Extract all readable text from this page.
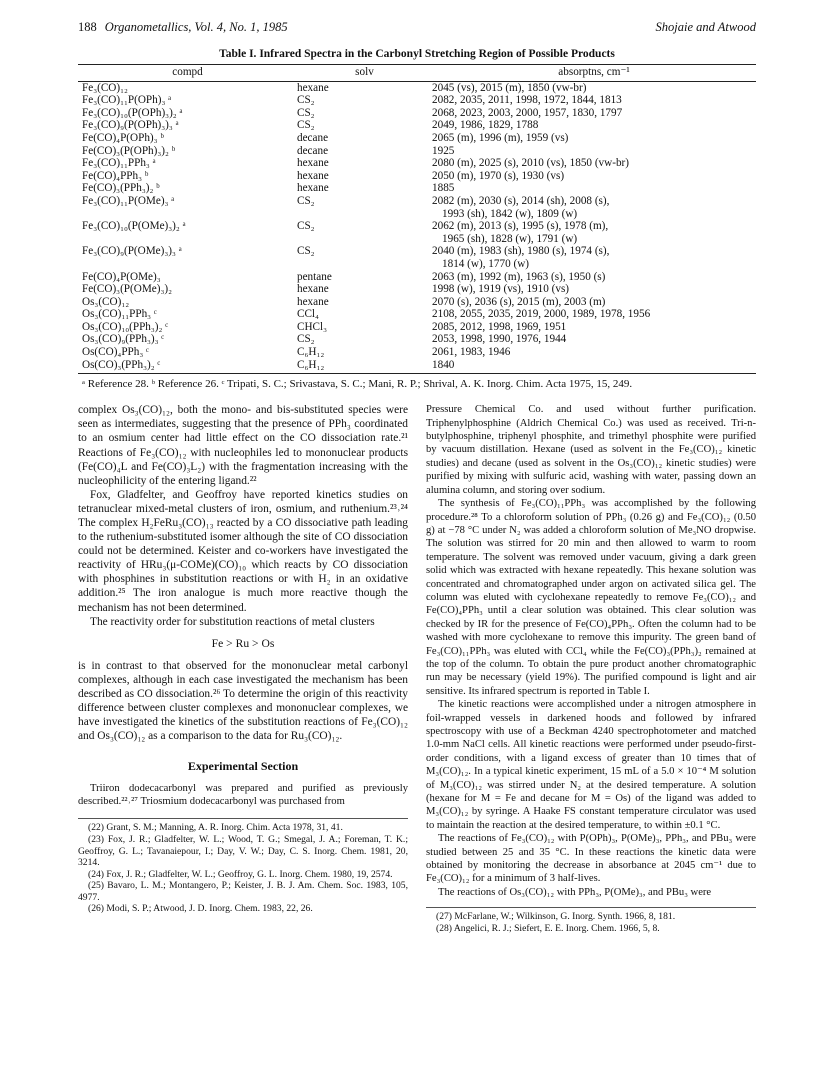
188 Organometallics, Vol. 4, No. 1, 1985	Shojaie and Atwood
Table I. Infrared Spectra in the Carbonyl Stretching Region of Possible Products
compd	solv	absorptns, cm⁻¹
Fe₃(CO)₁₂	hexane	2045 (vs), 2015 (m), 1850 (vw-br)

Fe₃(CO)₁₁P(OPh)₃ ᵃ	CS₂	2082, 2035, 2011, 1998, 1972, 1844, 1813

Fe₃(CO)₁₀(P(OPh)₃)₂ ᵃ	CS₂	2068, 2023, 2003, 2000, 1957, 1830, 1797

Fe₃(CO)₉(P(OPh)₃)₃ ᵃ	CS₂	2049, 1986, 1829, 1788

Fe(CO)₄P(OPh)₃ ᵇ	decane	2065 (m), 1996 (m), 1959 (vs)

Fe(CO)₃(P(OPh)₃)₂ ᵇ	decane	1925

Fe₃(CO)₁₁PPh₃ ᵃ	hexane	2080 (m), 2025 (s), 2010 (vs), 1850 (vw-br)

Fe(CO)₄PPh₃ ᵇ	hexane	2050 (m), 1970 (s), 1930 (vs)

Fe(CO)₃(PPh₃)₂ ᵇ	hexane	1885

Fe₃(CO)₁₁P(OMe)₃ ᵃ	CS₂	2082 (m), 2030 (s), 2014 (sh), 2008 (s),
1993 (sh), 1842 (w), 1809 (w)

Fe₃(CO)₁₀(P(OMe)₃)₂ ᵃ	CS₂	2062 (m), 2013 (s), 1995 (s), 1978 (m),
1965 (sh), 1828 (w), 1791 (w)

Fe₃(CO)₉(P(OMe)₃)₃ ᵃ	CS₂	2040 (m), 1983 (sh), 1980 (s), 1974 (s),
1814 (w), 1770 (w)

Fe(CO)₄P(OMe)₃	pentane	2063 (m), 1992 (m), 1963 (s), 1950 (s)

Fe(CO)₃(P(OMe)₃)₂	hexane	1998 (w), 1919 (vs), 1910 (vs)

Os₃(CO)₁₂	hexane	2070 (s), 2036 (s), 2015 (m), 2003 (m)

Os₃(CO)₁₁PPh₃ ᶜ	CCl₄	2108, 2055, 2035, 2019, 2000, 1989, 1978, 1956

Os₃(CO)₁₀(PPh₃)₂ ᶜ	CHCl₃	2085, 2012, 1998, 1969, 1951

Os₃(CO)₉(PPh₃)₃ ᶜ	CS₂	2053, 1998, 1990, 1976, 1944

Os(CO)₄PPh₃ ᶜ	C₆H₁₂	2061, 1983, 1946

Os(CO)₃(PPh₃)₂ ᶜ	C₆H₁₂	1840
ᵃ Reference 28. ᵇ Reference 26. ᶜ Tripati, S. C.; Srivastava, S. C.; Mani, R. P.; Shrival, A. K. Inorg. Chim. Acta 1975, 15, 249.

complex Os₃(CO)₁₂, both the mono- and bis-substituted species were seen as intermediates, suggesting that the presence of PPh₃ coordinated to an osmium center had little effect on the CO dissociation rate.²¹ Reactions of Fe₃(CO)₁₂ with nucleophiles led to mononuclear products (Fe(CO)₄L and Fe(CO)₃L₂) with the fragmentation increasing with the nucleophilicity of the entering ligand.²²

Fox, Gladfelter, and Geoffroy have reported kinetics studies on tetranuclear mixed-metal clusters of iron, osmium, and ruthenium.²³˒²⁴ The complex H₂FeRu₃(CO)₁₃ reacted by a CO dissociative path leading to the ruthenium-substituted isomer although the site of CO dissociation could not be determined. Keister and co-workers have investigated the reactivity of HRu₃(μ-COMe)(CO)₁₀ which reacts by CO dissociation with phosphines in substitution reactions or with H₂ in an oxidative addition.²⁵ The iron analogue is much more reactive though the mechanism has not been determined.

The reactivity order for substitution reactions of metal clusters

Fe > Ru > Os

is in contrast to that observed for the mononuclear metal carbonyl complexes, although in each case investigated the mechanism has been described as CO dissociation.²⁶ To determine the origin of this reactivity difference between cluster complexes and mononuclear complexes, we have investigated the kinetics of the substitution reactions of Fe₃(CO)₁₂ and Os₃(CO)₁₂ as a comparison to the data for Ru₃(CO)₁₂.

Experimental Section

Triiron dodecacarbonyl was prepared and purified as previously described.²²˒²⁷ Triosmium dodecacarbonyl was purchased from

(22) Grant, S. M.; Manning, A. R. Inorg. Chim. Acta 1978, 31, 41.
(23) Fox, J. R.; Gladfelter, W. L.; Wood, T. G.; Smegal, J. A.; Foreman, T. K.; Geoffroy, G. L.; Tavanaiepour, I.; Day, V. W.; Day, C. S. Inorg. Chem. 1981, 20, 3214.
(24) Fox, J. R.; Gladfelter, W. L.; Geoffroy, G. L. Inorg. Chem. 1980, 19, 2574.
(25) Bavaro, L. M.; Montangero, P.; Keister, J. B. J. Am. Chem. Soc. 1983, 105, 4977.
(26) Modi, S. P.; Atwood, J. D. Inorg. Chem. 1983, 22, 26.

Pressure Chemical Co. and used without further purification. Triphenylphosphine (Aldrich Chemical Co.) was used as received. Tri-n-butylphosphine, triphenyl phosphite, and trimethyl phosphite were purified by vacuum distillation. Hexane (used as solvent in the Fe₃(CO)₁₂ kinetic studies) and decane (used as solvent in the Os₃(CO)₁₂ kinetic studies) were purified by mixing with sulfuric acid, washing with water, passing down an alumina column, and storing over sodium.

The synthesis of Fe₃(CO)₁₁PPh₃ was accomplished by the following procedure.²⁸ To a chloroform solution of PPh₃ (0.26 g) and Fe₃(CO)₁₂ (0.50 g) at −78 °C under N₂ was added a chloroform solution of Me₃NO dropwise. The solution was stirred for 20 min and then allowed to warm to room temperature. The solvent was removed under vacuum, giving a dark green solid which was extracted with hexane repeatedly. This hexane solution was concentrated and chromatographed under argon on activated silica gel. The column was eluted with cyclohexane repeatedly to remove Fe₃(CO)₁₂ and Fe(CO)₄PPh₃ until a clear solution was obtained. This clear solution was checked by IR for the presence of Fe(CO)₄PPh₃. Often the column had to be washed with more cyclohexane to remove this impurity. The green band of Fe₃(CO)₁₁PPh₃ was eluted with CCl₄ while the Fe(CO)₃(PPh₃)₂ remained at the top of the column. To obtain the pure product another chromatographic run may be necessary (yield 19%). The purified compound is light and air sensitive. Its infrared spectrum is reported in Table I.

The kinetic reactions were accomplished under a nitrogen atmosphere in foil-wrapped vessels in darkened hoods and followed by infrared spectroscopy with use of a Beckman 4240 spectrophotometer and matched 1.0-mm NaCl cells. All kinetic reactions were performed under pseudo-first-order conditions, with a ligand excess of greater than 10 times that of M₃(CO)₁₂. In a typical kinetic experiment, 15 mL of a 5.0 × 10⁻⁴ M solution of M₃(CO)₁₂ was stirred under N₂ at the desired temperature. A solution (hexane for M = Fe and decane for M = Os) of the ligand was added to M₃(CO)₁₂ by syringe. A Haake FS constant temperature circulator was used to maintain the reaction at the desired temperature, to within ±0.1 °C.

The reactions of Fe₃(CO)₁₂ with P(OPh)₃, P(OMe)₃, PPh₃, and PBu₃ were studied between 25 and 35 °C. In these reactions the kinetic data were obtained by monitoring the decrease in absorbance at 2045 cm⁻¹ due to Fe₃(CO)₁₂ for a minimum of 3 half-lives.

The reactions of Os₃(CO)₁₂ with PPh₃, P(OMe)₃, and PBu₃ were

(27) McFarlane, W.; Wilkinson, G. Inorg. Synth. 1966, 8, 181.
(28) Angelici, R. J.; Siefert, E. E. Inorg. Chem. 1966, 5, 8.
